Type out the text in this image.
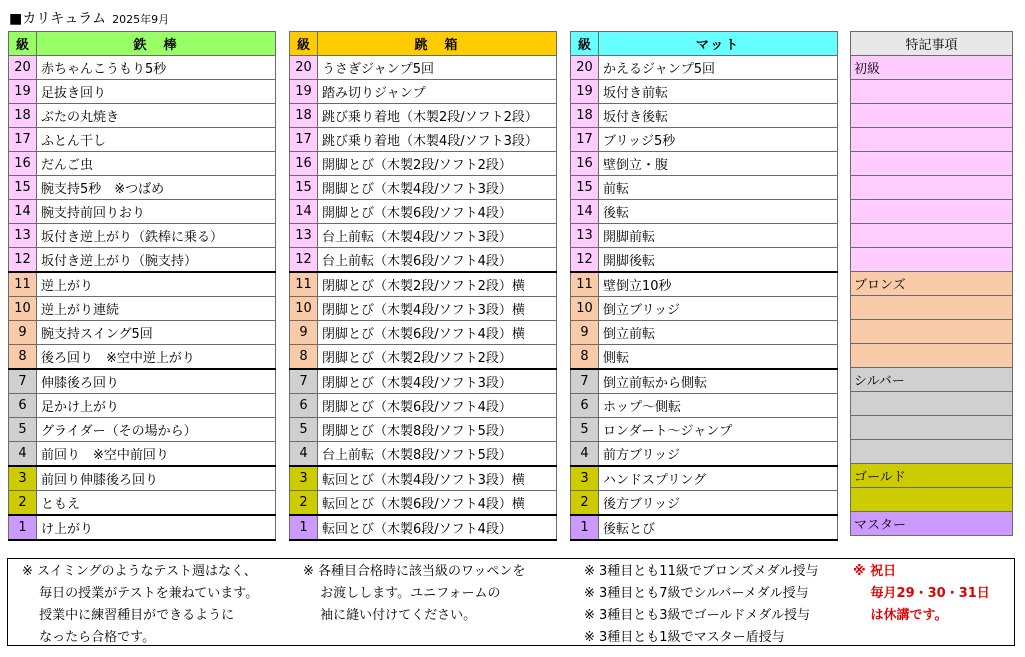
■カリキュラム 2025年9月
級	鉄　棒
20	赤ちゃんこうもり5秒
19	足抜き回り
18	ぶたの丸焼き
17	ふとん干し
16	だんご虫
15	腕支持5秒　※つばめ
14	腕支持前回りおり
13	坂付き逆上がり（鉄棒に乗る）
12	坂付き逆上がり（腕支持）
11	逆上がり
10	逆上がり連続
9	腕支持スイング5回
8	後ろ回り　※空中逆上がり
7	伸膝後ろ回り
6	足かけ上がり
5	グライダー（その場から）
4	前回り　※空中前回り
3	前回り伸膝後ろ回り
2	ともえ
1	け上がり
級	跳　箱
20	うさぎジャンプ5回
19	踏み切りジャンプ
18	跳び乗り着地（木製2段/ソフト2段）
17	跳び乗り着地（木製4段/ソフト3段）
16	開脚とび（木製2段/ソフト2段）
15	開脚とび（木製4段/ソフト3段）
14	開脚とび（木製6段/ソフト4段）
13	台上前転（木製4段/ソフト3段）
12	台上前転（木製6段/ソフト4段）
11	閉脚とび（木製2段/ソフト2段）横
10	閉脚とび（木製4段/ソフト3段）横
9	閉脚とび（木製6段/ソフト4段）横
8	閉脚とび（木製2段/ソフト2段）
7	閉脚とび（木製4段/ソフト3段）
6	閉脚とび（木製6段/ソフト4段）
5	閉脚とび（木製8段/ソフト5段）
4	台上前転（木製8段/ソフト5段）
3	転回とび（木製4段/ソフト3段）横
2	転回とび（木製6段/ソフト4段）横
1	転回とび（木製6段/ソフト4段）
級	マット
20	かえるジャンプ5回
19	坂付き前転
18	坂付き後転
17	ブリッジ5秒
16	壁倒立・腹
15	前転
14	後転
13	開脚前転
12	開脚後転
11	壁倒立10秒
10	倒立ブリッジ
9	倒立前転
8	側転
7	倒立前転から側転
6	ホップ～側転
5	ロンダート～ジャンプ
4	前方ブリッジ
3	ハンドスプリング
2	後方ブリッジ
1	後転とび
特記事項
初級

ブロンズ

シルバー

ゴールド

マスター
※ スイミングのようなテスト週はなく、
　 毎日の授業がテストを兼ねています。
　 授業中に練習種目ができるように
　 なったら合格です。
※ 各種目合格時に該当級のワッペンを
　 お渡しします。ユニフォームの
　 袖に縫い付けてください。
※ 3種目とも11級でブロンズメダル授与
※ 3種目とも7級でシルバーメダル授与
※ 3種目とも3級でゴールドメダル授与
※ 3種目とも1級でマスター盾授与
※ 祝日
　 毎月29・30・31日
　 は休講です。
